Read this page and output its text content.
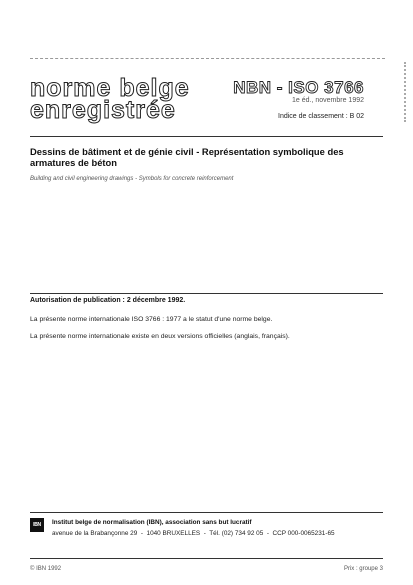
norme belge
enregistrée
NBN - ISO 3766
1e éd., novembre 1992
Indice de classement : B 02
Dessins de bâtiment et de génie civil - Représentation symbolique des armatures de béton
Building and civil engineering drawings - Symbols for concrete reinforcement
Autorisation de publication : 2 décembre 1992.
La présente norme internationale ISO 3766 : 1977 a le statut d'une norme belge.
La présente norme internationale existe en deux versions officielles (anglais, français).
IBN Institut belge de normalisation (IBN), association sans but lucratif
avenue de la Brabançonne 29  -  1040 BRUXELLES  -  Tél. (02) 734 92 05  -  CCP 000-0065231-65
© IBN 1992	Prix : groupe 3
